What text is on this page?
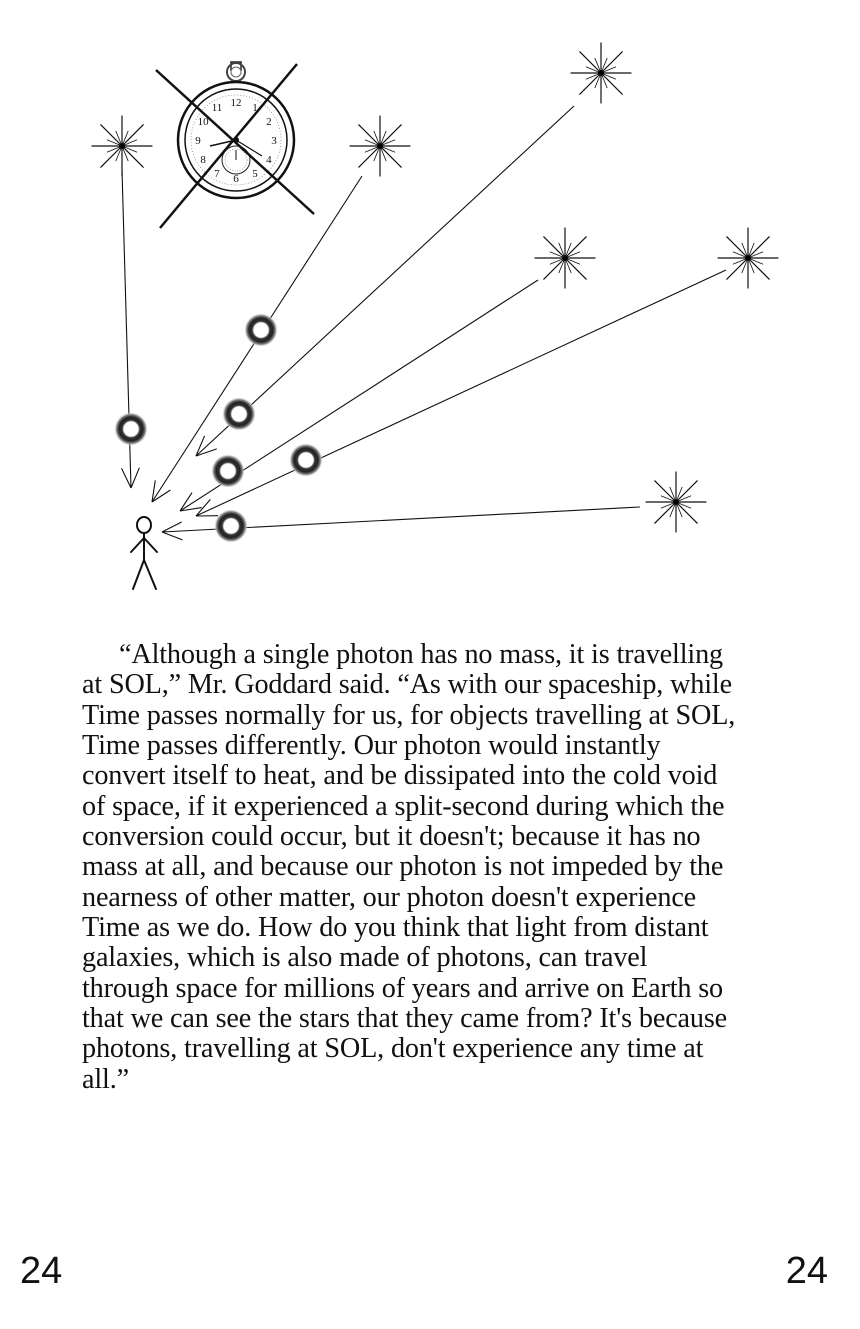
12 1
2
3
4
5
6
7
8
9
10
11
“Although a single photon has no mass, it is travelling
at SOL,” Mr. Goddard said. “As with our spaceship, while
Time passes normally for us, for objects travelling at SOL,
Time passes differently. Our photon would instantly
convert itself to heat, and be dissipated into the cold void
of space, if it experienced a split-second during which the
conversion could occur, but it doesn't; because it has no
mass at all, and because our photon is not impeded by the
nearness of other matter, our photon doesn't experience
Time as we do. How do you think that light from distant
galaxies, which is also made of photons, can travel
through space for millions of years and arrive on Earth so
that we can see the stars that they came from? It's because
photons, travelling at SOL, don't experience any time at
all.”
24	24
